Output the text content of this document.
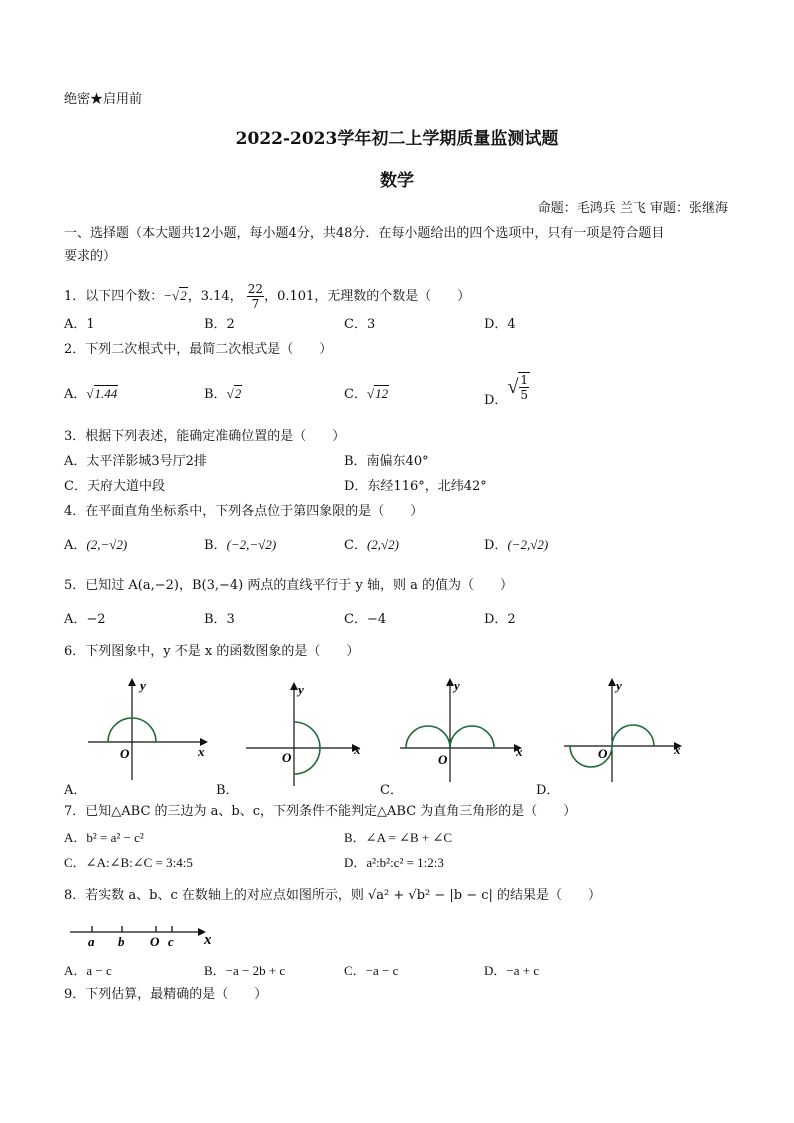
绝密★启用前
2022-2023学年初二上学期质量监测试题
数学
命题：毛鸿兵 兰飞 审题：张继海
一、选择题（本大题共12小题，每小题4分，共48分．在每小题给出的四个选项中，只有一项是符合题目
要求的）
1．以下四个数：−√2，3.14， $\frac{22}{7}$ ，0.101，无理数的个数是（　　）
A．1	B．2	C．3	D．4
2．下列二次根式中，最简二次根式是（　　）
A．√1.44	B．√2	C．√12	D．√ $\frac{1}{5}$
3．根据下列表述，能确定准确位置的是（　　）
A．太平洋影城3号厅2排	B．南偏东40°
C．天府大道中段	D．东经116°，北纬42°
4．在平面直角坐标系中，下列各点位于第四象限的是（　　）
A．(2,−√2)	B．(−2,−√2)	C．(2,√2)	D．(−2,√2)
5．已知过 A(a,−2)，B(3,−4) 两点的直线平行于 y 轴，则 a 的值为（　　）
A．−2	B．3	C．−4	D．2
6．下列图象中，y 不是 x 的函数图象的是（　　）
y
x
O
A．
y
x
O
B．
y
x
O
C．
y
x
O
D．
7．已知△ABC 的三边为 a、b、c，下列条件不能判定△ABC 为直角三角形的是（　　）
A．b² = a² − c²	B．∠A = ∠B + ∠C
C．∠A:∠B:∠C = 3:4:5	D．a²:b²:c² = 1:2:3
8．若实数 a、b、c 在数轴上的对应点如图所示，则 √a² + √b² − |b − c| 的结果是（　　）
a b O c x
A．a − c	B．−a − 2b + c	C．−a − c	D．−a + c
9．下列估算，最精确的是（　　）
